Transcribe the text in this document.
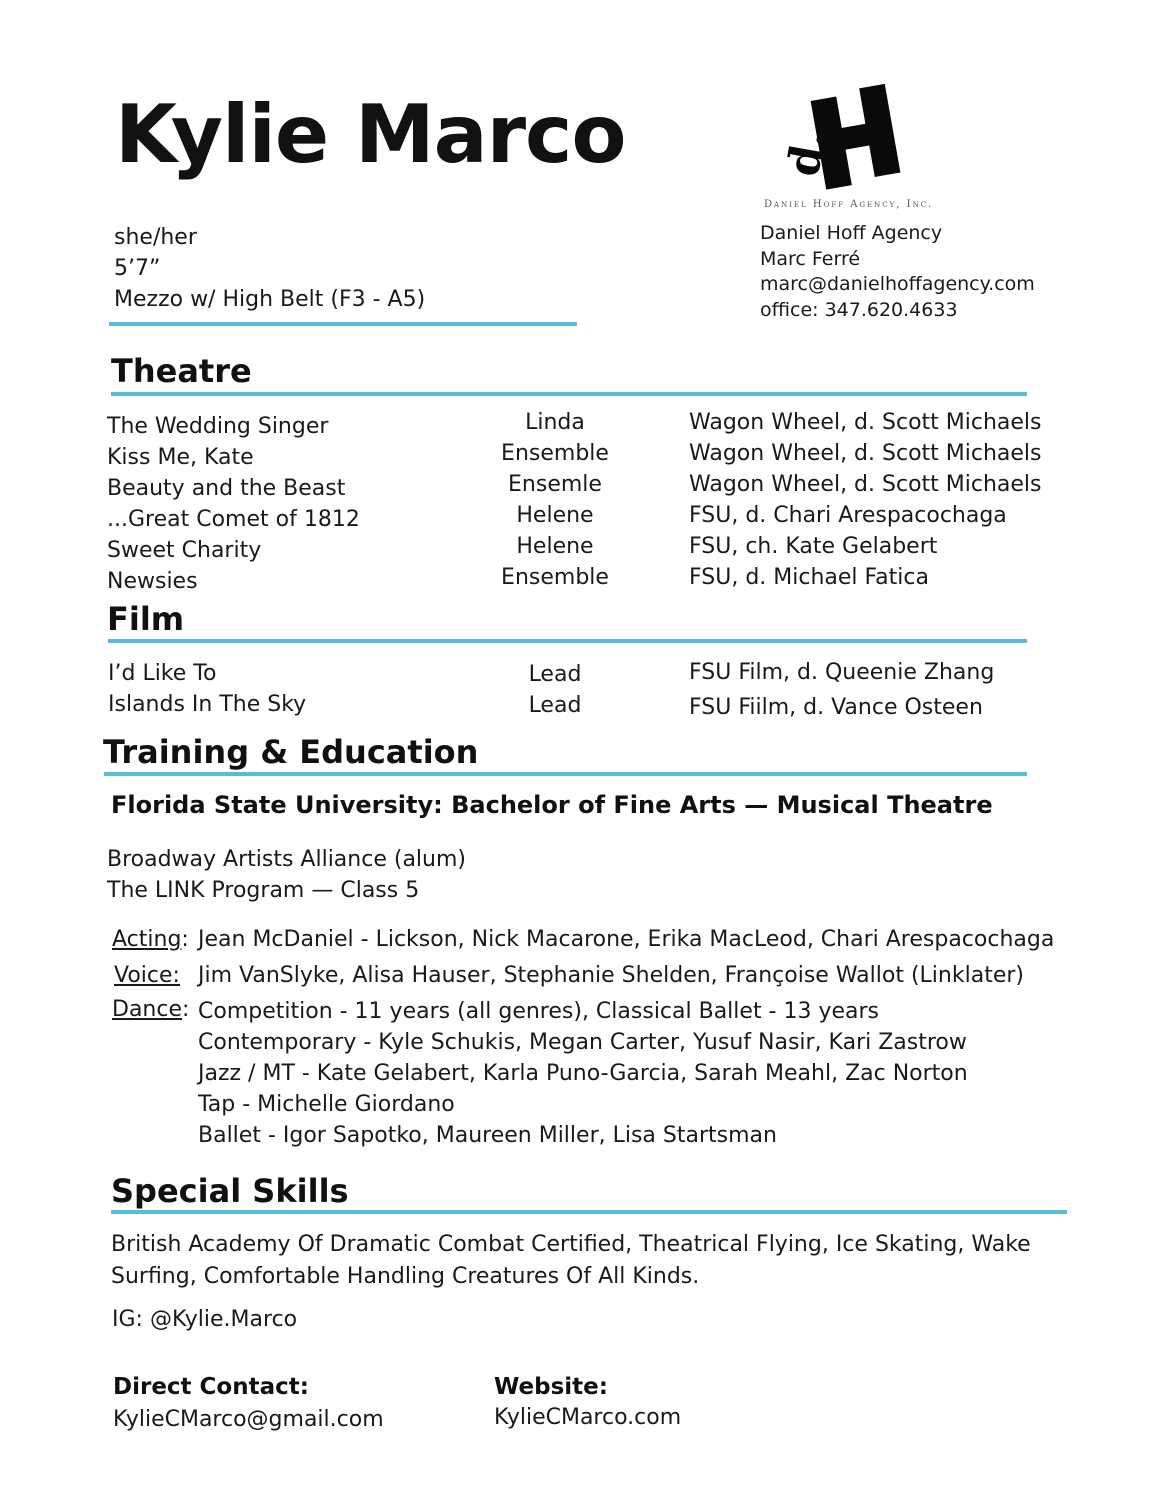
Kylie Marco	d.
Daniel Hoff Agency, Inc.
she/her
5’7”
Mezzo w/ High Belt (F3 - A5)
Daniel Hoff Agency
Marc Ferré
marc@danielhoffagency.com
office: 347.620.4633
Theatre
The Wedding Singer
Kiss Me, Kate
Beauty and the Beast
...Great Comet of 1812
Sweet Charity
Newsies
Linda
Ensemble
Ensemle
Helene
Helene
Ensemble
Wagon Wheel, d. Scott Michaels
Wagon Wheel, d. Scott Michaels
Wagon Wheel, d. Scott Michaels
FSU, d. Chari Arespacochaga
FSU, ch. Kate Gelabert
FSU, d. Michael Fatica
Film
I’d Like To
Islands In The Sky
Lead
Lead
FSU Film, d. Queenie Zhang
FSU Fiilm, d. Vance Osteen
Training & Education
Florida State University: Bachelor of Fine Arts — Musical Theatre
Broadway Artists Alliance (alum)
The LINK Program — Class 5
Acting: Jean McDaniel - Lickson, Nick Macarone, Erika MacLeod, Chari Arespacochaga
Voice: Jim VanSlyke, Alisa Hauser, Stephanie Shelden, Françoise Wallot (Linklater)
Dance: Competition - 11 years (all genres), Classical Ballet - 13 years
Contemporary - Kyle Schukis, Megan Carter, Yusuf Nasir, Kari Zastrow
Jazz / MT - Kate Gelabert, Karla Puno-Garcia, Sarah Meahl, Zac Norton
Tap - Michelle Giordano
Ballet - Igor Sapotko, Maureen Miller, Lisa Startsman
Special Skills
British Academy Of Dramatic Combat Certified, Theatrical Flying, Ice Skating, Wake
Surfing, Comfortable Handling Creatures Of All Kinds.
IG: @Kylie.Marco
Direct Contact:
KylieCMarco@gmail.com
Website:
KylieCMarco.com
